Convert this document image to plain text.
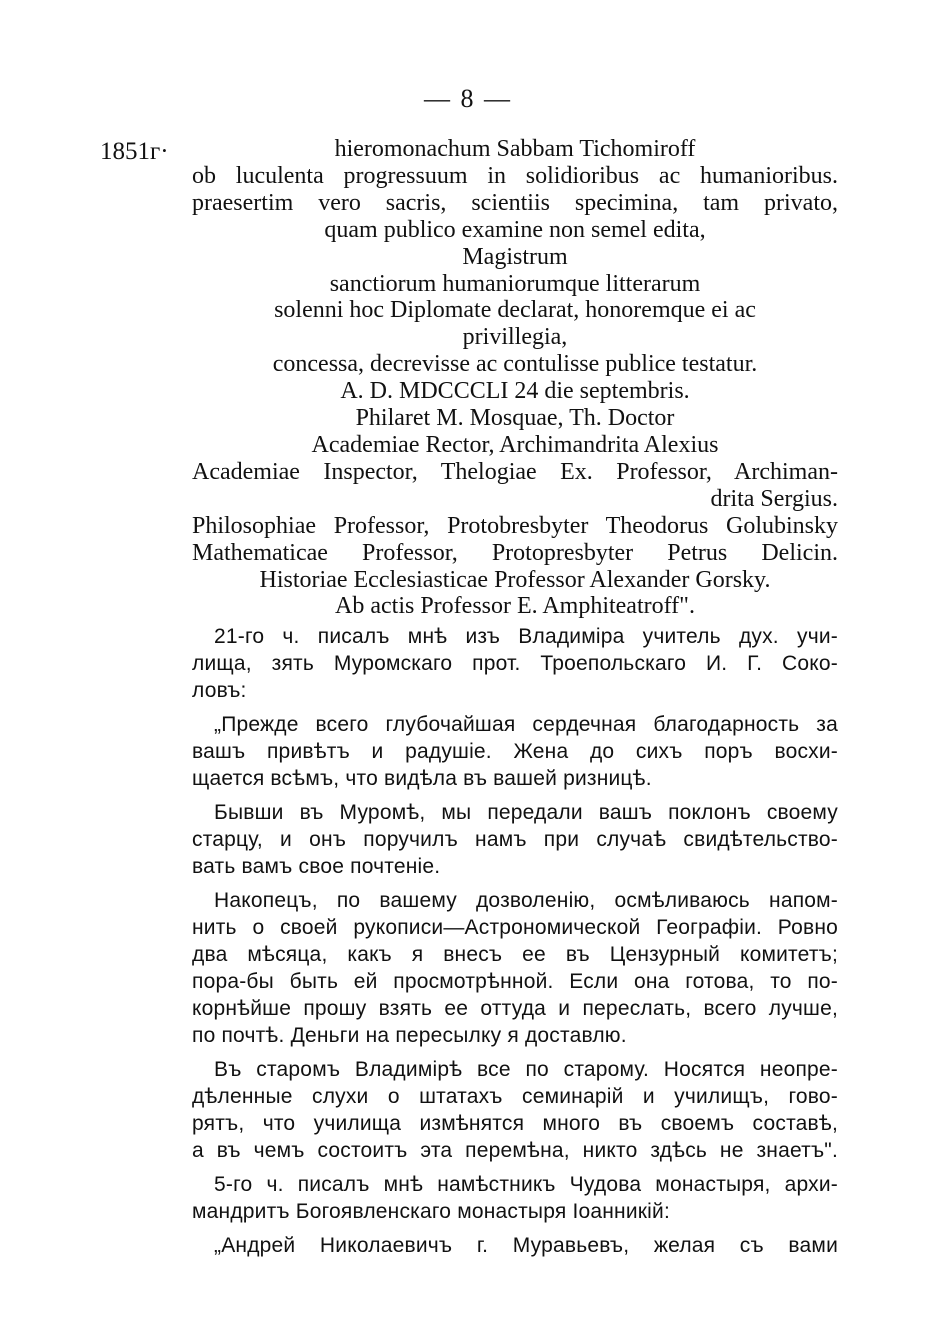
— 8 —
1851г·	hieromonachum Sabbam Tichomiroff
ob luculenta progressuum in solidioribus ac humanioribus.
praesertim vero sacris, scientiis specimina, tam privato,
quam publico examine non semel edita,
Magistrum
sanctiorum humaniorumque litterarum
solenni hoc Diplomate declarat, honoremque ei ac
privillegia,
concessa, decrevisse ac contulisse publice testatur.
A. D. MDCCCLI 24 die septembris.
Philaret M. Mosquae, Th. Doctor
Academiae Rector, Archimandrita Alexius
Academiae Inspector, Thelogiae Ex. Professor, Archiman-
drita Sergius.
Philosophiae Professor, Protobresbyter Theodorus Golubinsky
Mathematicae Professor, Protopresbyter Petrus Delicin.
Historiae Ecclesiasticae Professor Alexander Gorsky.
Ab actis Professor E. Amphiteatroff".
21-го ч. писалъ мнѣ изъ Владиміра учитель дух. учи-
лища, зять Муромскаго прот. Троепольскаго И. Г. Соко-
ловъ:
„Прежде всего глубочайшая сердечная благодарность за
вашъ привѣтъ и радушіе. Жена до сихъ поръ восхи-
щается всѣмъ, что видѣла въ вашей ризницѣ.
Бывши въ Муромѣ, мы передали вашъ поклонъ своему
старцу, и онъ поручилъ намъ при случаѣ свидѣтельство-
вать вамъ свое почтеніе.
Накопецъ, по вашему дозволенію, осмѣливаюсь напом-
нить о своей рукописи—Астрономической Географіи. Ровно
два мѣсяца, какъ я внесъ ее въ Цензурный комитетъ;
пора-бы быть ей просмотрѣнной. Если она готова, то по-
корнѣйше прошу взять ее оттуда и переслать, всего лучше,
по почтѣ. Деньги на пересылку я доставлю.
Въ старомъ Владимірѣ все по старому. Носятся неопре-
дѣленные слухи о штатахъ семинарій и училищъ, гово-
рятъ, что училища измѣнятся много въ своемъ составѣ,
а въ чемъ состоитъ эта перемѣна, никто здѣсь не знаетъ".
5-го ч. писалъ мнѣ намѣстникъ Чудова монастыря, архи-
мандритъ Богоявленскаго монастыря Іоанникій:
„Андрей Николаевичъ г. Муравьевъ, желая съ вами
